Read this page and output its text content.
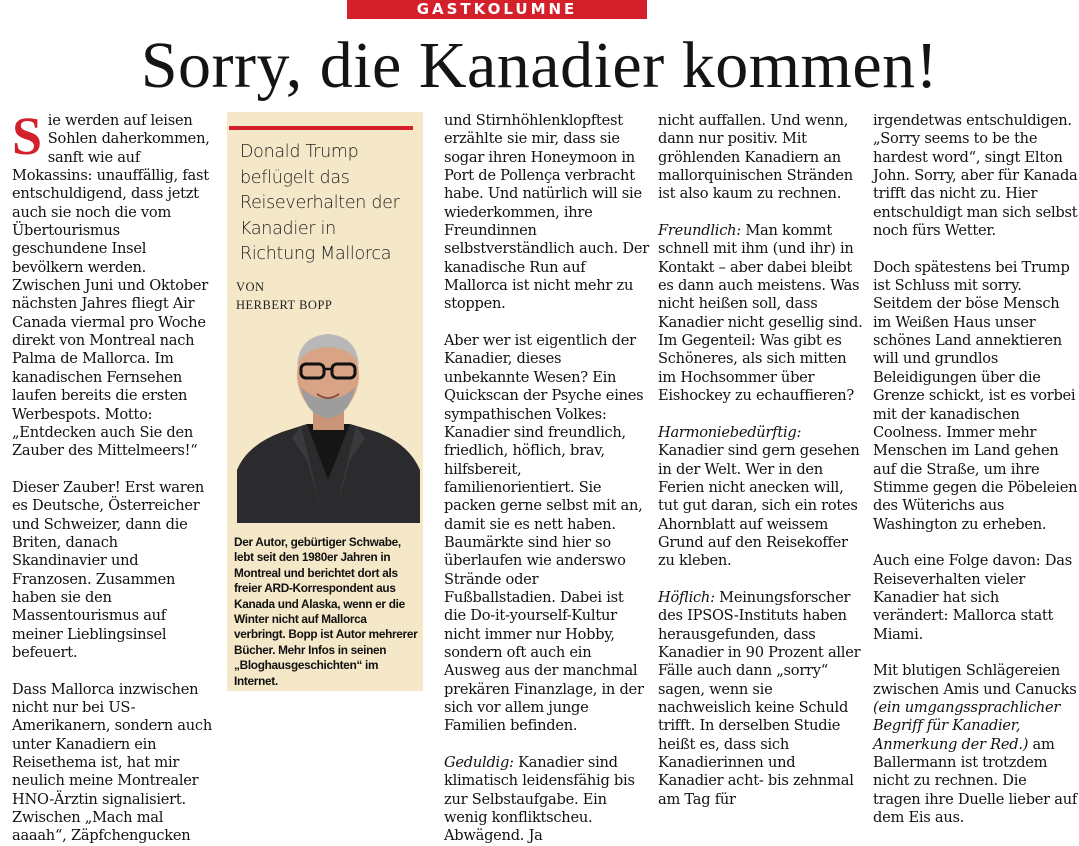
GASTKOLUMNE
Sorry, die Kanadier kommen!

Sie werden auf leisen Sohlen daherkommen, sanft wie auf Mokassins: unauffällig, fast entschuldigend, dass jetzt auch sie noch die vom Übertourismus geschundene Insel bevölkern werden. Zwischen Juni und Oktober nächsten Jahres fliegt Air Canada viermal pro Woche direkt von Montreal nach Palma de Mallorca. Im kanadischen Fernsehen laufen bereits die ersten Werbespots. Motto: „Entdecken auch Sie den Zauber des Mittelmeers!“

Dieser Zauber! Erst waren es Deutsche, Österreicher und Schweizer, dann die Briten, danach Skandinavier und Franzosen. Zusammen haben sie den Massentourismus auf meiner Lieblingsinsel befeuert.

Dass Mallorca inzwischen nicht nur bei US-Amerikanern, sondern auch unter Kanadiern ein Reisethema ist, hat mir neulich meine Montrealer HNO-Ärztin signalisiert. Zwischen „Mach mal aaaah“, Zäpfchengucken

Donald Trump beflügelt das Reiseverhalten der Kanadier in Richtung Mallorca
VON
HERBERT BOPP
Der Autor, gebürtiger Schwabe, lebt seit den 1980er Jahren in Montreal und berichtet dort als freier ARD-Korrespondent aus Kanada und Alaska, wenn er die Winter nicht auf Mallorca verbringt. Bopp ist Autor mehrerer Bücher. Mehr Infos in seinen „Bloghausgeschichten“ im Internet.

und Stirnhöhlenklopftest erzählte sie mir, dass sie sogar ihren Honeymoon in Port de Pollença verbracht habe. Und natürlich will sie wiederkommen, ihre Freundinnen selbstverständlich auch. Der kanadische Run auf Mallorca ist nicht mehr zu stoppen.

Aber wer ist eigentlich der Kanadier, dieses unbekannte Wesen? Ein Quickscan der Psyche eines sympathischen Volkes: Kanadier sind freundlich, friedlich, höflich, brav, hilfsbereit, familienorientiert. Sie packen gerne selbst mit an, damit sie es nett haben. Baumärkte sind hier so überlaufen wie anderswo Strände oder Fußballstadien. Dabei ist die Do-it-yourself-Kultur nicht immer nur Hobby, sondern oft auch ein Ausweg aus der manchmal prekären Finanzlage, in der sich vor allem junge Familien befinden.

Geduldig: Kanadier sind klimatisch leidensfähig bis zur Selbstaufgabe. Ein wenig konfliktscheu. Abwägend. Ja

nicht auffallen. Und wenn, dann nur positiv. Mit gröhlenden Kanadiern an mallorquinischen Stränden ist also kaum zu rechnen.

Freundlich: Man kommt schnell mit ihm (und ihr) in Kontakt – aber dabei bleibt es dann auch meistens. Was nicht heißen soll, dass Kanadier nicht gesellig sind. Im Gegenteil: Was gibt es Schöneres, als sich mitten im Hochsommer über Eishockey zu echauffieren?

Harmoniebedürftig: Kanadier sind gern gesehen in der Welt. Wer in den Ferien nicht anecken will, tut gut daran, sich ein rotes Ahornblatt auf weissem Grund auf den Reisekoffer zu kleben.

Höflich: Meinungsforscher des IPSOS-Instituts haben herausgefunden, dass Kanadier in 90 Prozent aller Fälle auch dann „sorry“ sagen, wenn sie nachweislich keine Schuld trifft. In derselben Studie heißt es, dass sich Kanadierinnen und Kanadier acht- bis zehnmal am Tag für

irgendetwas entschuldigen. „Sorry seems to be the hardest word“, singt Elton John. Sorry, aber für Kanada trifft das nicht zu. Hier entschuldigt man sich selbst noch fürs Wetter.

Doch spätestens bei Trump ist Schluss mit sorry. Seitdem der böse Mensch im Weißen Haus unser schönes Land annektieren will und grundlos Beleidigungen über die Grenze schickt, ist es vorbei mit der kanadischen Coolness. Immer mehr Menschen im Land gehen auf die Straße, um ihre Stimme gegen die Pöbeleien des Wüterichs aus Washington zu erheben.

Auch eine Folge davon: Das Reiseverhalten vieler Kanadier hat sich verändert: Mallorca statt Miami.

Mit blutigen Schlägereien zwischen Amis und Canucks (ein umgangssprachlicher Begriff für Kanadier, Anmerkung der Red.) am Ballermann ist trotzdem nicht zu rechnen. Die tragen ihre Duelle lieber auf dem Eis aus.
